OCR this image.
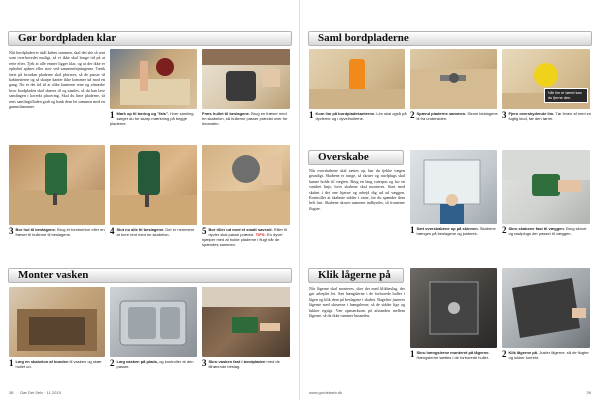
Gør bordpladen klar
Når bordpladen er skål købes sammen, skal det ske så rent som overhovedet muligt, så vi ikke skal bruge tid på at rette efter. Tjek at alle emner ligger klar, og at der ikke er ophobet spåner eller støv ved sammenføjningerne. Tænk først på hvordan pladerne skal placeres, så de passer til kabinetterne og så skarpe kanter ikke kommer ud mod en gang. Nu er det tid til at slibe kanterne rene og afmærke hvor bordpladen skal skæres til og samles, så du kan lave samlingen i korrekt placering. Skal du lime pladerne, så rens samlingsfladen godt og bank dem let sammen med en gummihammer.
1 Mark op til boring og "fals". Hver samling sørger du for skarp mærkning på begge pladerne.
Fræs hullet til beslagene. Brug en fræser med en skabelon, så hullerne passer præcist over for hinanden.
3 Bor hul til beslagene. Brug et forstnerbor eller en fræser til hullerne til beslagene.	4 Slut nu alle til beslagene. Det er nemmere at bore rent med en skabelon.	5 Bor riller ud med et smalt savsnit. Riller til dyvler skal passe præcist. TIPS: En dyvel hjælper med at holde pladerne i flugt når de spændes sammen.
Monter vasken
1 Læg en skabelon af bunden til vasken og skær hullet ud.	2 Læg vasken på plads, og kontroller at den passer.	3 Skru vasken fast i bordpladen med de tilhørende beslag.
38 Gør Det Selv · 11 2015
Saml bordpladerne
1 Kom lim på bordpladekanterne. Lim skal også på dyvlerne og i dyvelhullerne.	2 Spænd pladerne sammen. Stram beslagene til fra undersiden.
Når lim er tørret kan du fjerne den.
3 Fjern overskydende lim. Tør limen af med en fugtig klud, før den tørrer.
Overskabe
Når overskabene skal sættes op, bør du tjekke vægen grundigt. Skabene er tunge, så skruer og rawlplugs skal kunne holde til vægten. Brug en lang vaterpas og lav en vandret linje, hvor skabene skal monteres. Start med skabet i det ene hjørne og arbejd dig ud ad væggen. Kontroller at skabene sidder i vater, før du spænder dem helt fast. Skabene skrues sammen indbyrdes, så fronterne flugter.
1 Sæt overskabene op på skinnen. Skabene hænges på beslagene og justeres.	2 Skru skabene fast til væggen. Brug skruer og rawlplugs der passer til væggen.
Klik lågerne på
Når lågerne skal monteres, sker det med klikbeslag, der gør arbejdet let. Sæt hængslerne i de forborede huller i lågen og klik dem på beslagene i skabet. Bagefter justeres lågerne med skruerne i hængslerne, så de sidder lige og lukker rigtigt. Vær opmærksom på afstanden mellem lågerne, så de ikke rammer hinanden.
1 Skru hængslerne monteret på lågerne. Hængslerne sættes i de forborede huller.	2 Klik lågerne på. Justér lågerne, så de flugter og lukker korrekt.
www.gordetselv.dk	39
